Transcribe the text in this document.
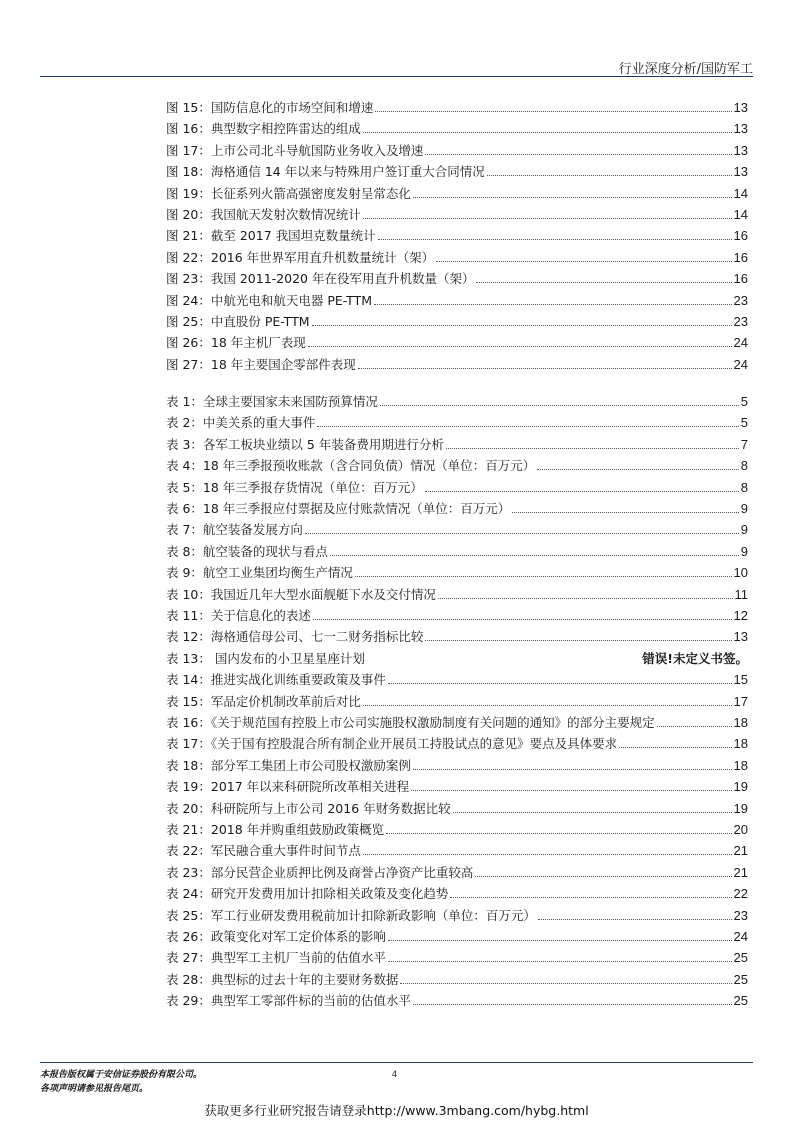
行业深度分析/国防军工
图 15：国防信息化的市场空间和增速	13
图 16：典型数字相控阵雷达的组成	13
图 17：上市公司北斗导航国防业务收入及增速	13
图 18：海格通信 14 年以来与特殊用户签订重大合同情况	13
图 19：长征系列火箭高强密度发射呈常态化	14
图 20：我国航天发射次数情况统计	14
图 21：截至 2017 我国坦克数量统计	16
图 22：2016 年世界军用直升机数量统计（架）	16
图 23：我国 2011-2020 年在役军用直升机数量（架）	16
图 24：中航光电和航天电器 PE-TTM	23
图 25：中直股份 PE-TTM	23
图 26：18 年主机厂表现	24
图 27：18 年主要国企零部件表现	24
表 1：全球主要国家未来国防预算情况	5
表 2：中美关系的重大事件	5
表 3：各军工板块业绩以 5 年装备费用期进行分析	7
表 4：18 年三季报预收账款（含合同负债）情况（单位：百万元）	8
表 5：18 年三季报存货情况（单位：百万元）	8
表 6：18 年三季报应付票据及应付账款情况（单位：百万元）	9
表 7：航空装备发展方向	9
表 8：航空装备的现状与看点	9
表 9：航空工业集团均衡生产情况	10
表 10：我国近几年大型水面舰艇下水及交付情况	11
表 11：关于信息化的表述	12
表 12：海格通信母公司、七一二财务指标比较	13
表 13： 国内发布的小卫星星座计划	错误!未定义书签。
表 14：推进实战化训练重要政策及事件	15
表 15：军品定价机制改革前后对比	17
表 16：《关于规范国有控股上市公司实施股权激励制度有关问题的通知》的部分主要规定	18
表 17：《关于国有控股混合所有制企业开展员工持股试点的意见》要点及具体要求	18
表 18：部分军工集团上市公司股权激励案例	18
表 19：2017 年以来科研院所改革相关进程	19
表 20：科研院所与上市公司 2016 年财务数据比较	19
表 21：2018 年并购重组鼓励政策概览	20
表 22：军民融合重大事件时间节点	21
表 23：部分民营企业质押比例及商誉占净资产比重较高	21
表 24：研究开发费用加计扣除相关政策及变化趋势	22
表 25：军工行业研发费用税前加计扣除新政影响（单位：百万元）	23
表 26：政策变化对军工定价体系的影响	24
表 27：典型军工主机厂当前的估值水平	25
表 28：典型标的过去十年的主要财务数据	25
表 29：典型军工零部件标的当前的估值水平	25
本报告版权属于安信证券股份有限公司。
各项声明请参见报告尾页。
4
获取更多行业研究报告请登录http://www.3mbang.com/hybg.html
